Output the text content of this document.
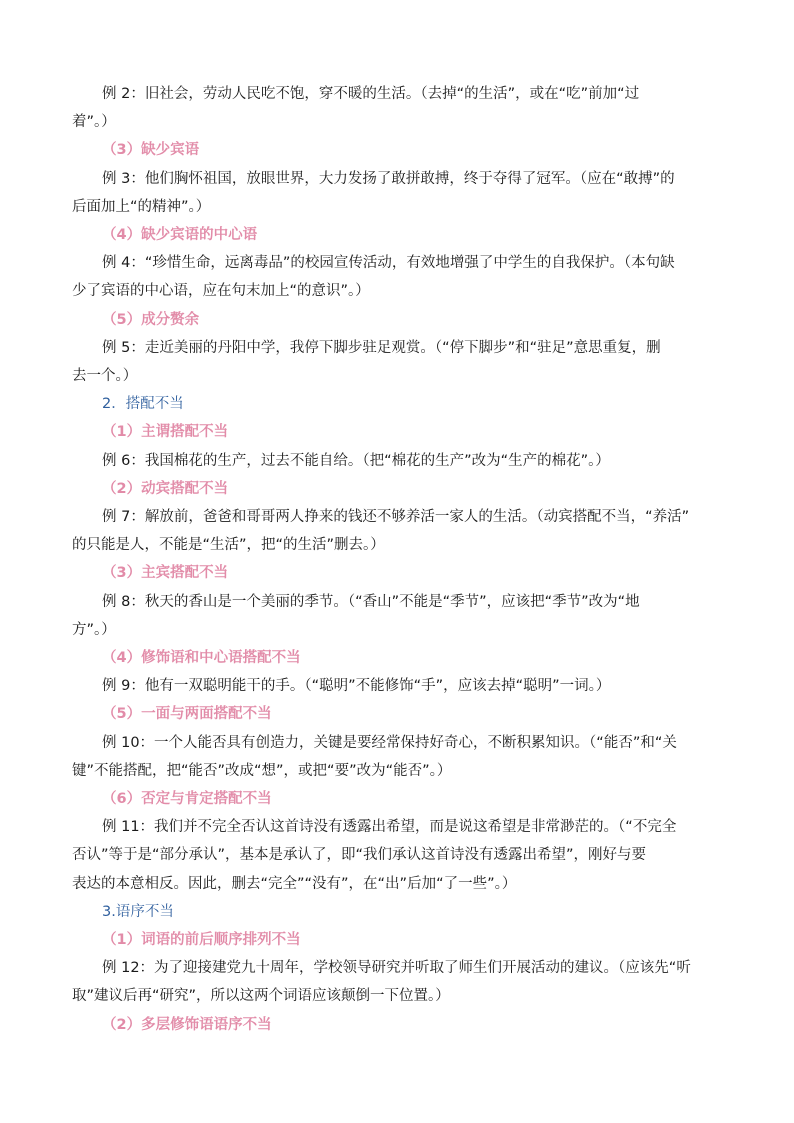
例 2：旧社会，劳动人民吃不饱，穿不暖的生活。（去掉“的生活”，或在“吃”前加“过
着”。）
（3）缺少宾语
例 3：他们胸怀祖国，放眼世界，大力发扬了敢拼敢搏，终于夺得了冠军。（应在“敢搏”的
后面加上“的精神”。）
（4）缺少宾语的中心语
例 4：“珍惜生命，远离毒品”的校园宣传活动，有效地增强了中学生的自我保护。（本句缺
少了宾语的中心语，应在句末加上“的意识”。）
（5）成分赘余
例 5：走近美丽的丹阳中学，我停下脚步驻足观赏。（“停下脚步”和“驻足”意思重复，删
去一个。）
2．搭配不当
（1）主谓搭配不当
例 6：我国棉花的生产，过去不能自给。（把“棉花的生产”改为“生产的棉花”。）
（2）动宾搭配不当
例 7：解放前，爸爸和哥哥两人挣来的钱还不够养活一家人的生活。（动宾搭配不当，“养活”
的只能是人，不能是“生活”，把“的生活”删去。）
（3）主宾搭配不当
例 8：秋天的香山是一个美丽的季节。（“香山”不能是“季节”，应该把“季节”改为“地
方”。）
（4）修饰语和中心语搭配不当
例 9：他有一双聪明能干的手。（“聪明”不能修饰“手”，应该去掉“聪明”一词。）
（5）一面与两面搭配不当
例 10：一个人能否具有创造力，关键是要经常保持好奇心，不断积累知识。（“能否”和“关
键”不能搭配，把“能否”改成“想”，或把“要”改为“能否”。）
（6）否定与肯定搭配不当
例 11：我们并不完全否认这首诗没有透露出希望，而是说这希望是非常渺茫的。（“不完全
否认”等于是“部分承认”，基本是承认了，即“我们承认这首诗没有透露出希望”，刚好与要
表达的本意相反。因此，删去“完全”“没有”，在“出”后加“了一些”。）
3.语序不当
（1）词语的前后顺序排列不当
例 12：为了迎接建党九十周年，学校领导研究并听取了师生们开展活动的建议。（应该先“听
取”建议后再“研究”，所以这两个词语应该颠倒一下位置。）
（2）多层修饰语语序不当
